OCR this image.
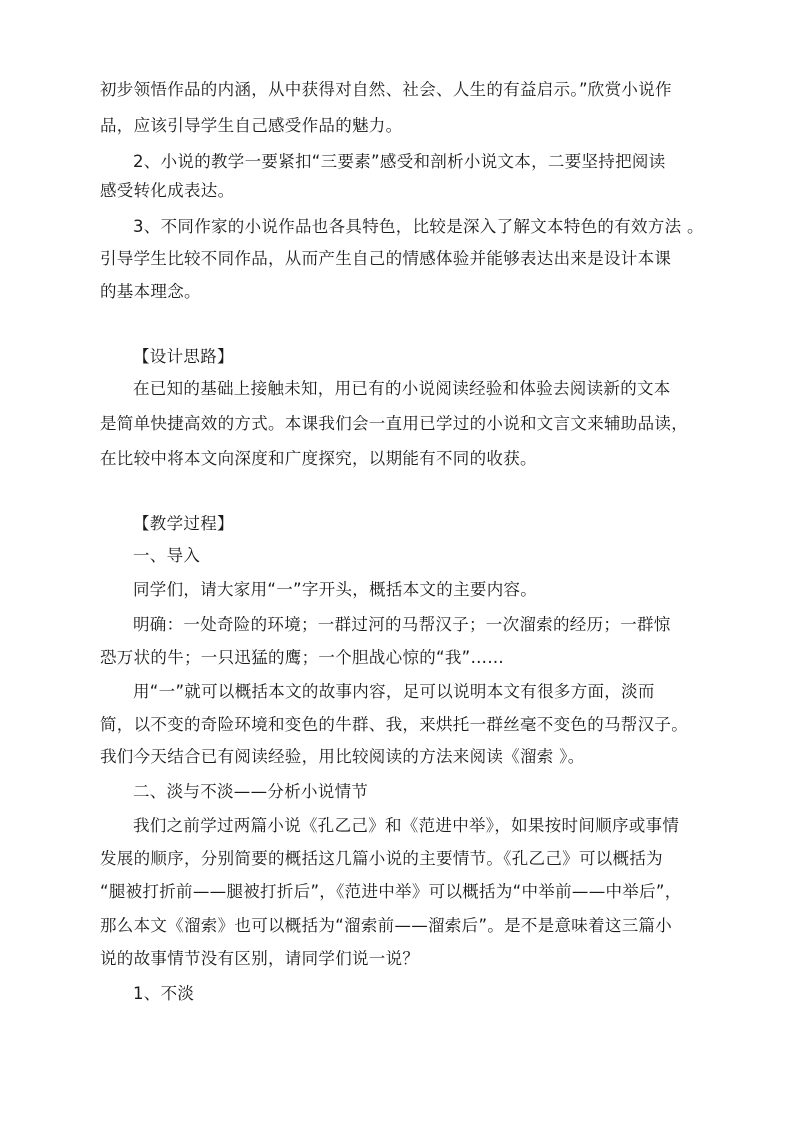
初步领悟作品的内涵，从中获得对自然、社会、人生的有益启示。”欣赏小说作
品，应该引导学生自己感受作品的魅力。
2、小说的教学一要紧扣“三要素”感受和剖析小说文本，二要坚持把阅读
感受转化成表达。
3、不同作家的小说作品也各具特色，比较是深入了解文本特色的有效方法 。
引导学生比较不同作品，从而产生自己的情感体验并能够表达出来是设计本课
的基本理念。
【设计思路】
在已知的基础上接触未知，用已有的小说阅读经验和体验去阅读新的文本
是简单快捷高效的方式。本课我们会一直用已学过的小说和文言文来辅助品读，
在比较中将本文向深度和广度探究，以期能有不同的收获。
【教学过程】
一、导入
同学们，请大家用“一”字开头，概括本文的主要内容。
明确：一处奇险的环境；一群过河的马帮汉子；一次溜索的经历；一群惊
恐万状的牛；一只迅猛的鹰；一个胆战心惊的“我”……
用“一”就可以概括本文的故事内容，足可以说明本文有很多方面，淡而
简，以不变的奇险环境和变色的牛群、我，来烘托一群丝毫不变色的马帮汉子。
我们今天结合已有阅读经验，用比较阅读的方法来阅读《溜索 》。
二、淡与不淡——分析小说情节
我们之前学过两篇小说《孔乙己》和《范进中举》，如果按时间顺序或事情
发展的顺序，分别简要的概括这几篇小说的主要情节。《孔乙己》可以概括为
“腿被打折前——腿被打折后”，《范进中举》可以概括为“中举前——中举后”，
那么本文《溜索》也可以概括为“溜索前——溜索后”。是不是意味着这三篇小
说的故事情节没有区别，请同学们说一说？
1、不淡
